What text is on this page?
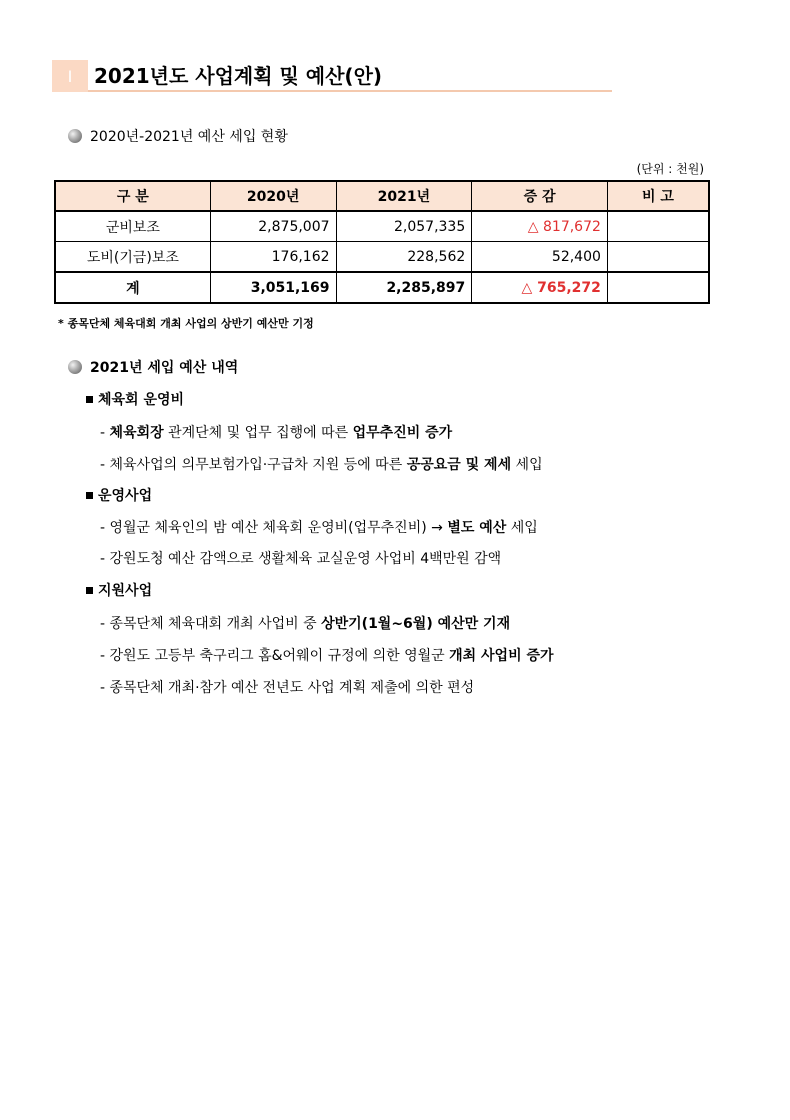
Ⅰ 2021년도 사업계획 및 예산(안)
2020년-2021년 예산 세입 현황
(단위 : 천원)
구 분	2020년	2021년	증 감	비 고
군비보조	2,875,007	2,057,335	△ 817,672	
도비(기금)보조	176,162	228,562	52,400	
계	3,051,169	2,285,897	△ 765,272	
* 종목단체 체육대회 개최 사업의 상반기 예산만 기정
2021년 세입 예산 내역
체육회 운영비
- 체육회장 관계단체 및 업무 집행에 따른 업무추진비 증가
- 체육사업의 의무보험가입·구급차 지원 등에 따른 공공요금 및 제세 세입
운영사업
- 영월군 체육인의 밤 예산 체육회 운영비(업무추진비) → 별도 예산 세입
- 강원도청 예산 감액으로 생활체육 교실운영 사업비 4백만원 감액
지원사업
- 종목단체 체육대회 개최 사업비 중 상반기(1월~6월) 예산만 기재
- 강원도 고등부 축구리그 홈&어웨이 규정에 의한 영월군 개최 사업비 증가
- 종목단체 개최·참가 예산 전년도 사업 계획 제출에 의한 편성
